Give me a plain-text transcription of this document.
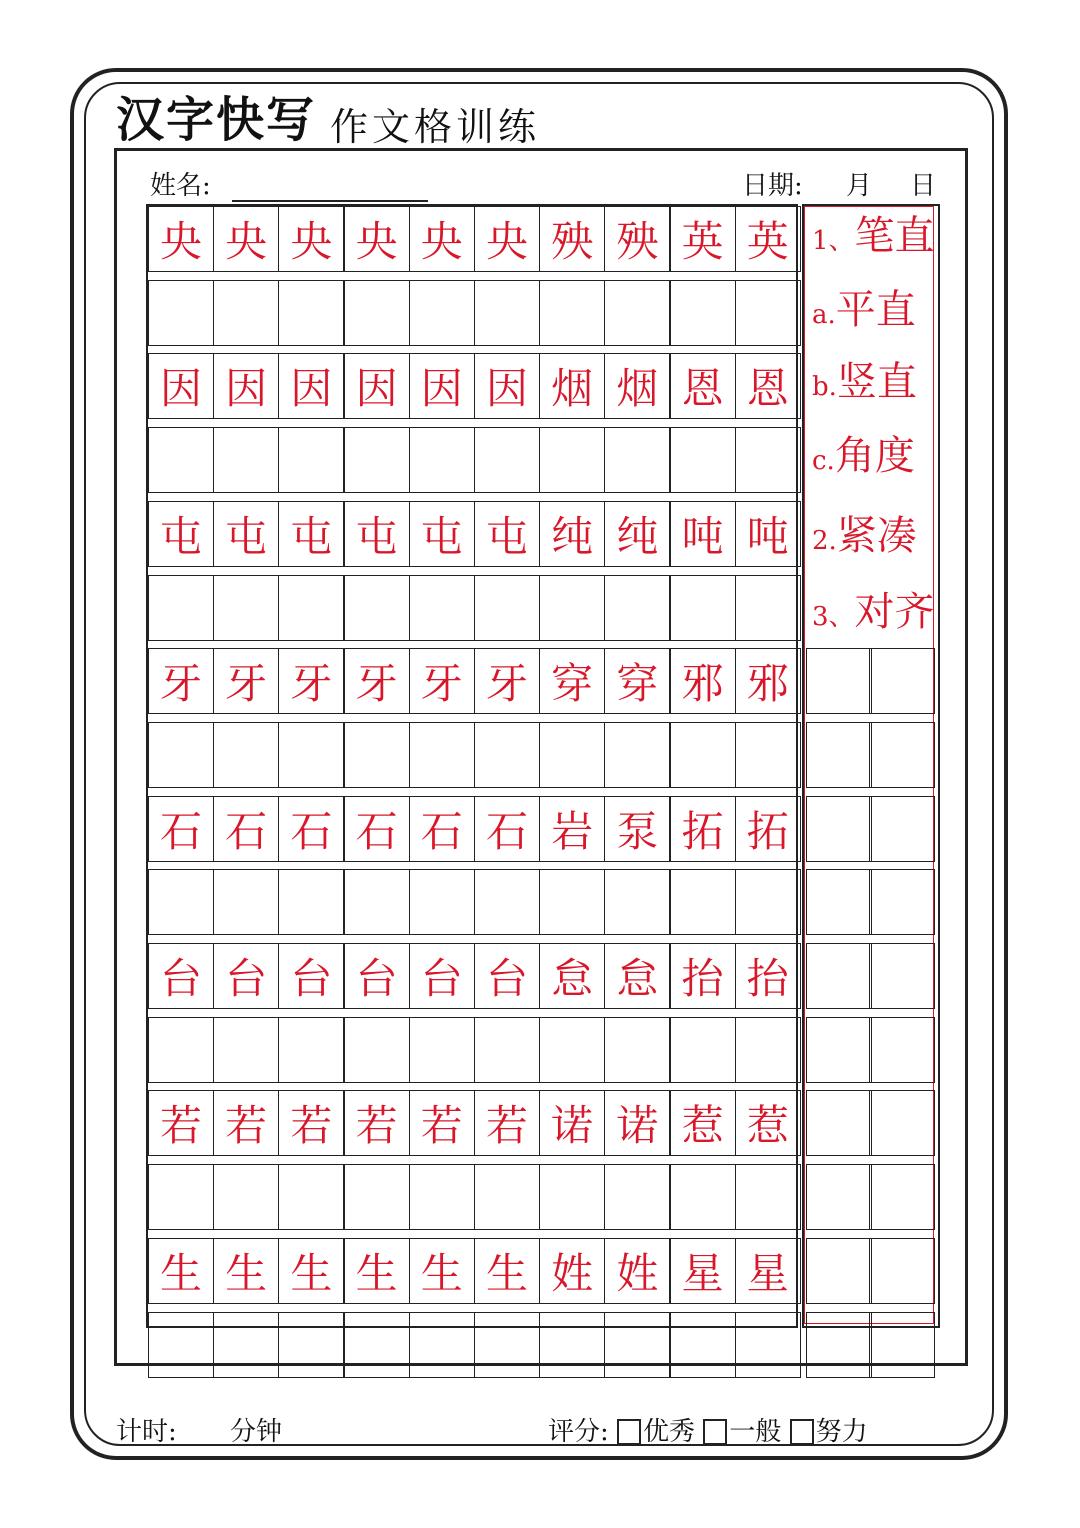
汉字快写 作文格训练
姓名:	日期: 月 日
央 央 央 央 央 央 殃 殃 英 英
因 因 因 因 因 因 烟 烟 恩 恩
屯 屯 屯 屯 屯 屯 纯 纯 吨 吨
牙 牙 牙 牙 牙 牙 穿 穿 邪 邪
石 石 石 石 石 石 岩 泵 拓 拓
台 台 台 台 台 台 怠 怠 抬 抬
若 若 若 若 若 若 诺 诺 惹 惹
生 生 生 生 生 生 姓 姓 星 星
1、笔直
a.平直
b.竖直
c.角度
2.紧凑
3、对齐
计时: 分钟	评分: 优秀 一般 努力
